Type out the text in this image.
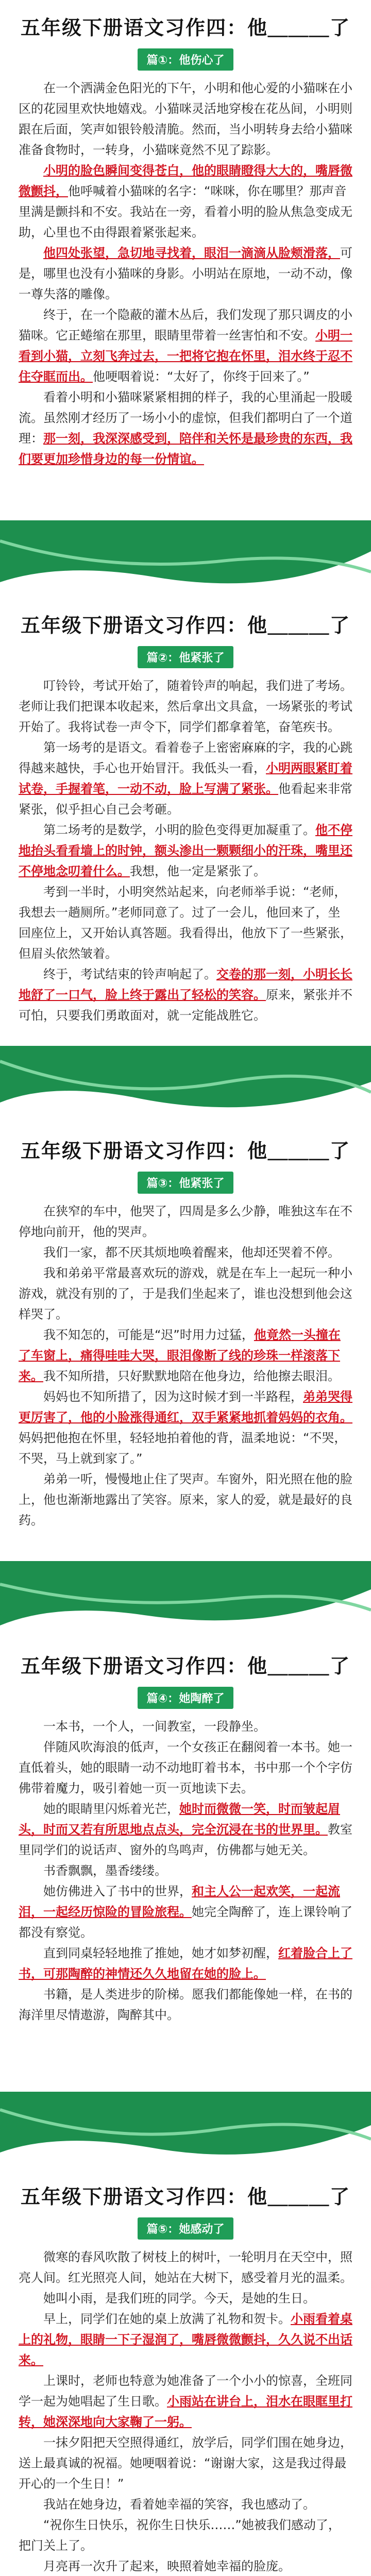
五年级下册语文习作四：他＿＿＿了
篇①：他伤心了

在一个洒满金色阳光的下午，小明和他心爱的小猫咪在小区的花园里欢快地嬉戏。小猫咪灵活地穿梭在花丛间，小明则跟在后面，笑声如银铃般清脆。然而，当小明转身去给小猫咪准备食物时，一转身，小猫咪竟然不见了踪影。

小明的脸色瞬间变得苍白，他的眼睛瞪得大大的，嘴唇微微颤抖，他呼喊着小猫咪的名字：“咪咪，你在哪里？那声音里满是颤抖和不安。我站在一旁，看着小明的脸从焦急变成无助，心里也不由得跟着紧张起来。

他四处张望，急切地寻找着，眼泪一滴滴从脸颊滑落，可是，哪里也没有小猫咪的身影。小明站在原地，一动不动，像一尊失落的雕像。

终于，在一个隐蔽的灌木丛后，我们发现了那只调皮的小猫咪。它正蜷缩在那里，眼睛里带着一丝害怕和不安。小明一看到小猫，立刻飞奔过去，一把将它抱在怀里，泪水终于忍不住夺眶而出。他哽咽着说：“太好了，你终于回来了。”

看着小明和小猫咪紧紧相拥的样子，我的心里涌起一股暖流。虽然刚才经历了一场小小的虚惊，但我们都明白了一个道理：那一刻，我深深感受到，陪伴和关怀是最珍贵的东西，我们要更加珍惜身边的每一份情谊。

五年级下册语文习作四：他＿＿＿了
篇②：他紧张了

叮铃铃，考试开始了，随着铃声的响起，我们进了考场。老师让我们把课本收起来，然后拿出文具盒，一场紧张的考试开始了。我将试卷一声令下，同学们都拿着笔，奋笔疾书。

第一场考的是语文。看着卷子上密密麻麻的字，我的心跳得越来越快，手心也开始冒汗。我低头一看，小明两眼紧盯着试卷，手握着笔，一动不动，脸上写满了紧张。他看起来非常紧张，似乎担心自己会考砸。

第二场考的是数学，小明的脸色变得更加凝重了。他不停地抬头看看墙上的时钟，额头渗出一颗颗细小的汗珠，嘴里还不停地念叨着什么。我想，他一定是紧张了。

考到一半时，小明突然站起来，向老师举手说：“老师，我想去一趟厕所。”老师同意了。过了一会儿，他回来了，坐回座位上，又开始认真答题。我看得出，他放下了一些紧张，但眉头依然皱着。

终于，考试结束的铃声响起了。交卷的那一刻，小明长长地舒了一口气，脸上终于露出了轻松的笑容。原来，紧张并不可怕，只要我们勇敢面对，就一定能战胜它。

五年级下册语文习作四：他＿＿＿了
篇③：他紧张了

在狭窄的车中，他哭了，四周是多么少静，唯独这车在不停地向前开，他的哭声。

我们一家，都不厌其烦地唤着醒来，他却还哭着不停。

我和弟弟平常最喜欢玩的游戏，就是在车上一起玩一种小游戏，就没有别的了，于是我们坐起来了，谁也没想到他会这样哭了。

我不知怎的，可能是“迟”时用力过猛，他竟然一头撞在了车窗上，痛得哇哇大哭，眼泪像断了线的珍珠一样滚落下来。我不知所措，只好默默地陪在他身边，给他擦去眼泪。

妈妈也不知所措了，因为这时候才到一半路程，弟弟哭得更厉害了，他的小脸涨得通红，双手紧紧地抓着妈妈的衣角。妈妈把他抱在怀里，轻轻地拍着他的背，温柔地说：“不哭，不哭，马上就到家了。”

弟弟一听，慢慢地止住了哭声。车窗外，阳光照在他的脸上，他也渐渐地露出了笑容。原来，家人的爱，就是最好的良药。

五年级下册语文习作四：他＿＿＿了
篇④：她陶醉了

一本书，一个人，一间教室，一段静坐。

伴随风吹海浪的低声，一个女孩正在翻阅着一本书。她一直低着头，她的眼睛一动不动地盯着书本，书中那一个个字仿佛带着魔力，吸引着她一页一页地读下去。

她的眼睛里闪烁着光芒，她时而微微一笑，时而皱起眉头，时而又若有所思地点点头，完全沉浸在书的世界里。教室里同学们的说话声、窗外的鸟鸣声，仿佛都与她无关。

书香飘飘，墨香缕缕。

她仿佛进入了书中的世界，和主人公一起欢笑，一起流泪，一起经历惊险的冒险旅程。她完全陶醉了，连上课铃响了都没有察觉。

直到同桌轻轻地推了推她，她才如梦初醒，红着脸合上了书，可那陶醉的神情还久久地留在她的脸上。

书籍，是人类进步的阶梯。愿我们都能像她一样，在书的海洋里尽情遨游，陶醉其中。

五年级下册语文习作四：他＿＿＿了
篇⑤：她感动了

微寒的春风吹散了树枝上的树叶，一轮明月在天空中，照亮人间。红光照亮人间，她站在大树下，感受着月光的温柔。

她叫小雨，是我们班的同学。今天，是她的生日。

早上，同学们在她的桌上放满了礼物和贺卡。小雨看着桌上的礼物，眼睛一下子湿润了，嘴唇微微颤抖，久久说不出话来。

上课时，老师也特意为她准备了一个小小的惊喜，全班同学一起为她唱起了生日歌。小雨站在讲台上，泪水在眼眶里打转，她深深地向大家鞠了一躬。

一抹夕阳把天空照得通红，放学后，同学们围在她身边，送上最真诚的祝福。她哽咽着说：“谢谢大家，这是我过得最开心的一个生日！”

我站在她身边，看着她幸福的笑容，我也感动了。

“祝你生日快乐，祝你生日快乐……”她被我们感动了，把门关上了。

月亮再一次升了起来，映照着她幸福的脸庞。
